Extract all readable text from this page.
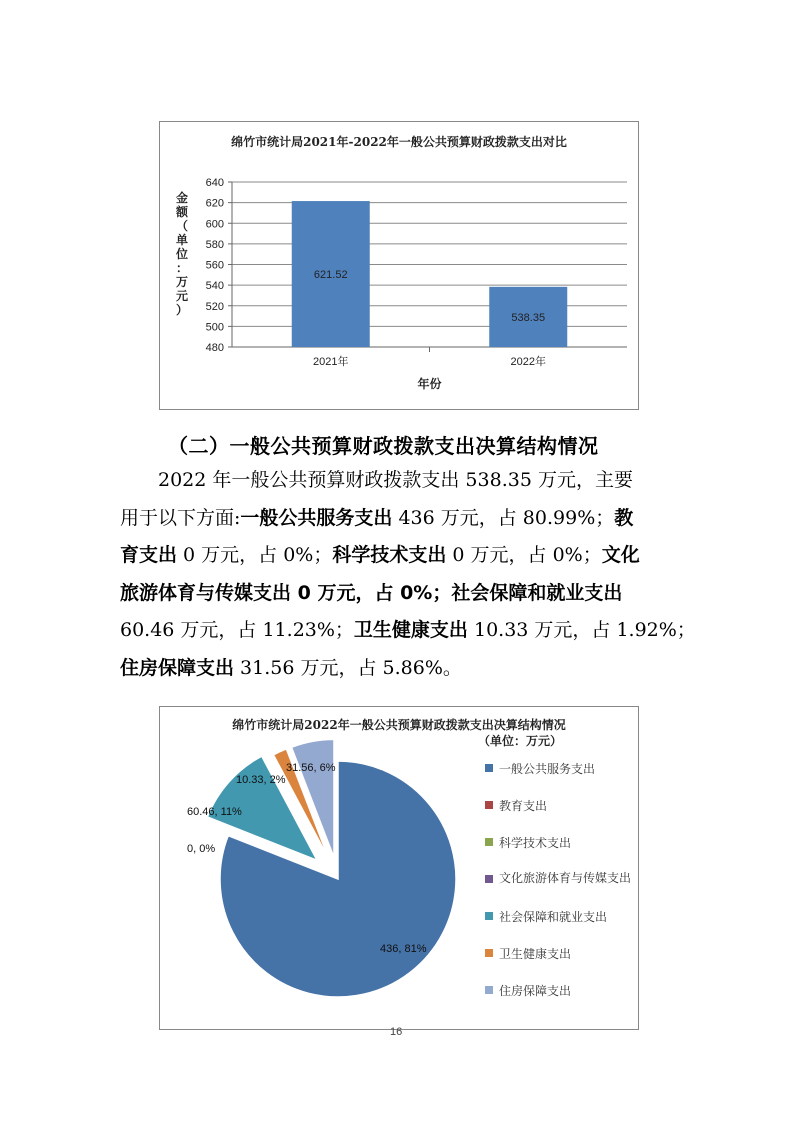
绵竹市统计局2021年-2022年一般公共预算财政拨款支出对比
640
620
600
580
560
540
520
500
480
621.52
2021年
538.35
2022年
年份
金
额
（
单
位
：
万
元
）
（二）一般公共预算财政拨款支出决算结构情况
2022 年一般公共预算财政拨款支出 538.35 万元，主要
用于以下方面:一般公共服务支出 436 万元，占 80.99%；教
育支出 0 万元，占 0%；科学技术支出 0 万元，占 0%；文化
旅游体育与传媒支出 0 万元，占 0%；社会保障和就业支出
60.46 万元，占 11.23%；卫生健康支出 10.33 万元，占 1.92%；
住房保障支出 31.56 万元，占 5.86%。
绵竹市统计局2022年一般公共预算财政拨款支出决算结构情况
436, 81%
60.46, 11%
10.33, 2%
31.56, 6%
0, 0%
（单位：万元）
一般公共服务支出
教育支出
科学技术支出
文化旅游体育与传媒支出
社会保障和就业支出
卫生健康支出
住房保障支出
16
